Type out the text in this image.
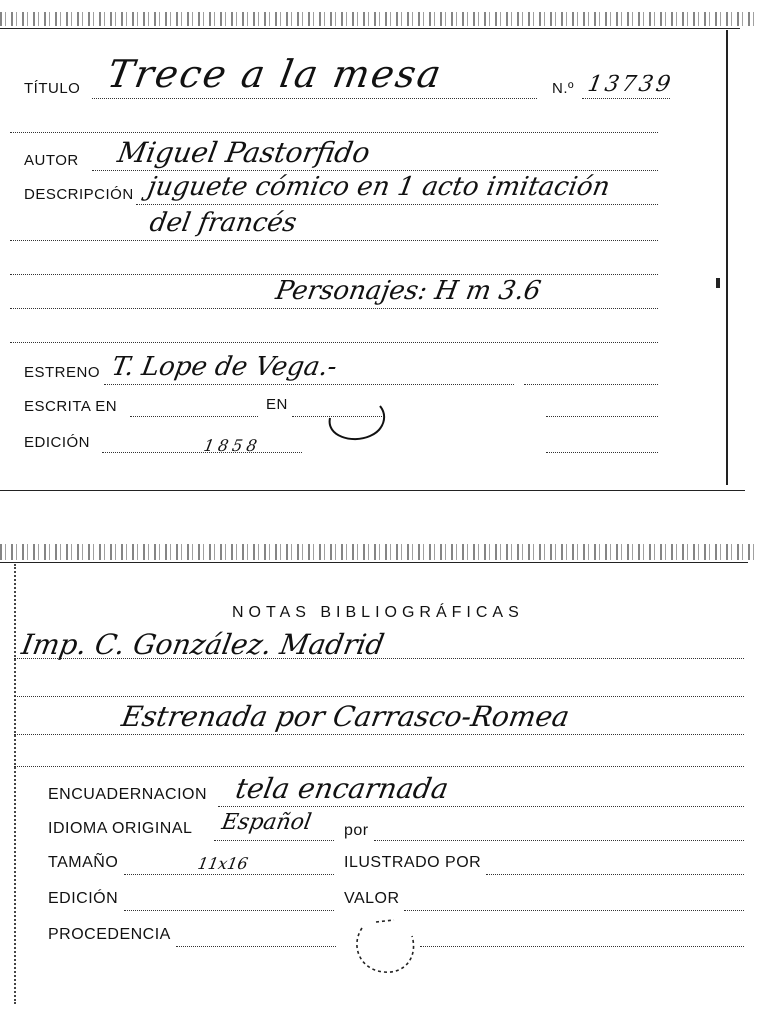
TÍTULO Trece a la mesa	N.º 13739
AUTOR Miguel Pastorfido
DESCRIPCIÓN juguete cómico en 1 acto imitación
del francés
Personajes: H m 3.6
ESTRENO T. Lope de Vega.-
ESCRITA EN	EN
EDICIÓN	1858
NOTAS BIBLIOGRÁFICAS
Imp. C. González. Madrid
Estrenada por Carrasco-Romea
ENCUADERNACION tela encarnada
IDIOMA ORIGINAL Español por
TAMAÑO	11x16	ILUSTRADO POR
EDICIÓN	VALOR
PROCEDENCIA
